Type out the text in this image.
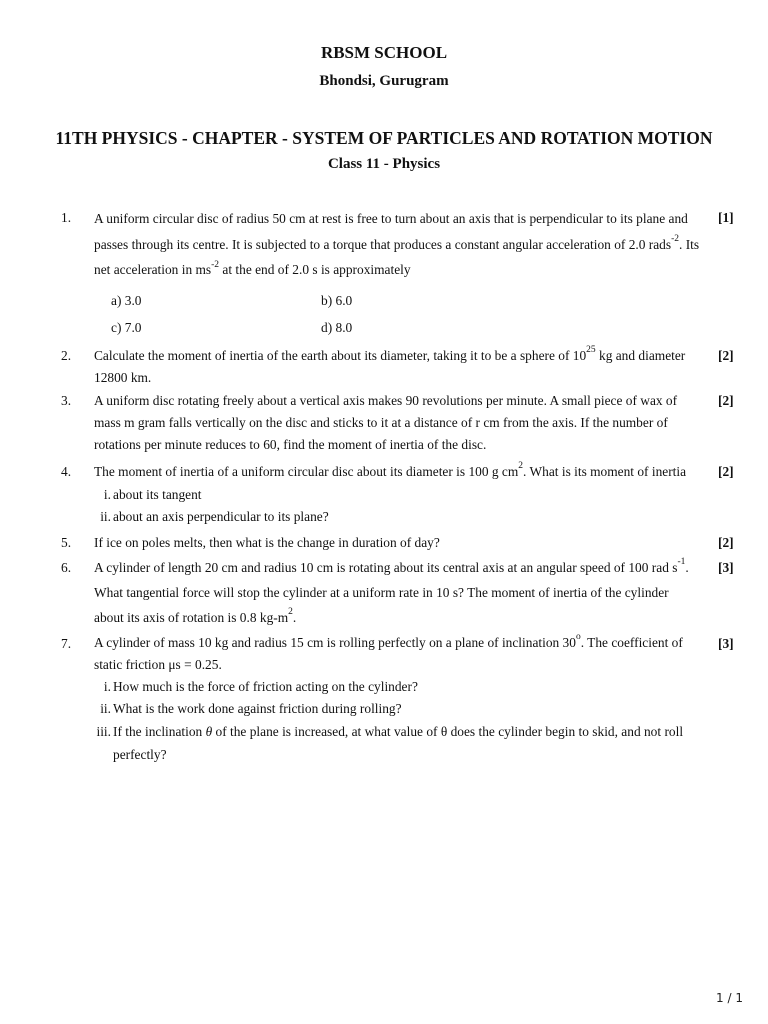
RBSM SCHOOL
Bhondsi, Gurugram
11TH PHYSICS - CHAPTER - SYSTEM OF PARTICLES AND ROTATION MOTION
Class 11 - Physics
1.	[1]
A uniform circular disc of radius 50 cm at rest is free to turn about an axis that is perpendicular to its plane and passes through its centre. It is subjected to a torque that produces a constant angular acceleration of 2.0 rads$^{-2}$. Its net acceleration in $ms^{-2}$ at the end of 2.0 s is approximately
a) 3.0	b) 6.0
c) 7.0	d) 8.0
2.	[2]
Calculate the moment of inertia of the earth about its diameter, taking it to be a sphere of $10^{25}$ kg and diameter 12800 km.
3.	[2]
A uniform disc rotating freely about a vertical axis makes 90 revolutions per minute. A small piece of wax of mass m gram falls vertically on the disc and sticks to it at a distance of r cm from the axis. If the number of rotations per minute reduces to 60, find the moment of inertia of the disc.
4.	[2]
The moment of inertia of a uniform circular disc about its diameter is 100 g $cm^2$. What is its moment of inertia
i. about its tangent
ii. about an axis perpendicular to its plane?
5.	[2]
If ice on poles melts, then what is the change in duration of day?
6.	[3]
A cylinder of length 20 cm and radius 10 cm is rotating about its central axis at an angular speed of 100 rad $s^{-1}$. What tangential force will stop the cylinder at a uniform rate in 10 s? The moment of inertia of the cylinder about its axis of rotation is 0.8 $kg-m^2$.
7.	[3]
A cylinder of mass 10 kg and radius 15 cm is rolling perfectly on a plane of inclination 30$^o$. The coefficient of static friction μs = 0.25.
i. How much is the force of friction acting on the cylinder?
ii. What is the work done against friction during rolling?
iii. If the inclination θ of the plane is increased, at what value of θ does the cylinder begin to skid, and not roll perfectly?
1 / 1
